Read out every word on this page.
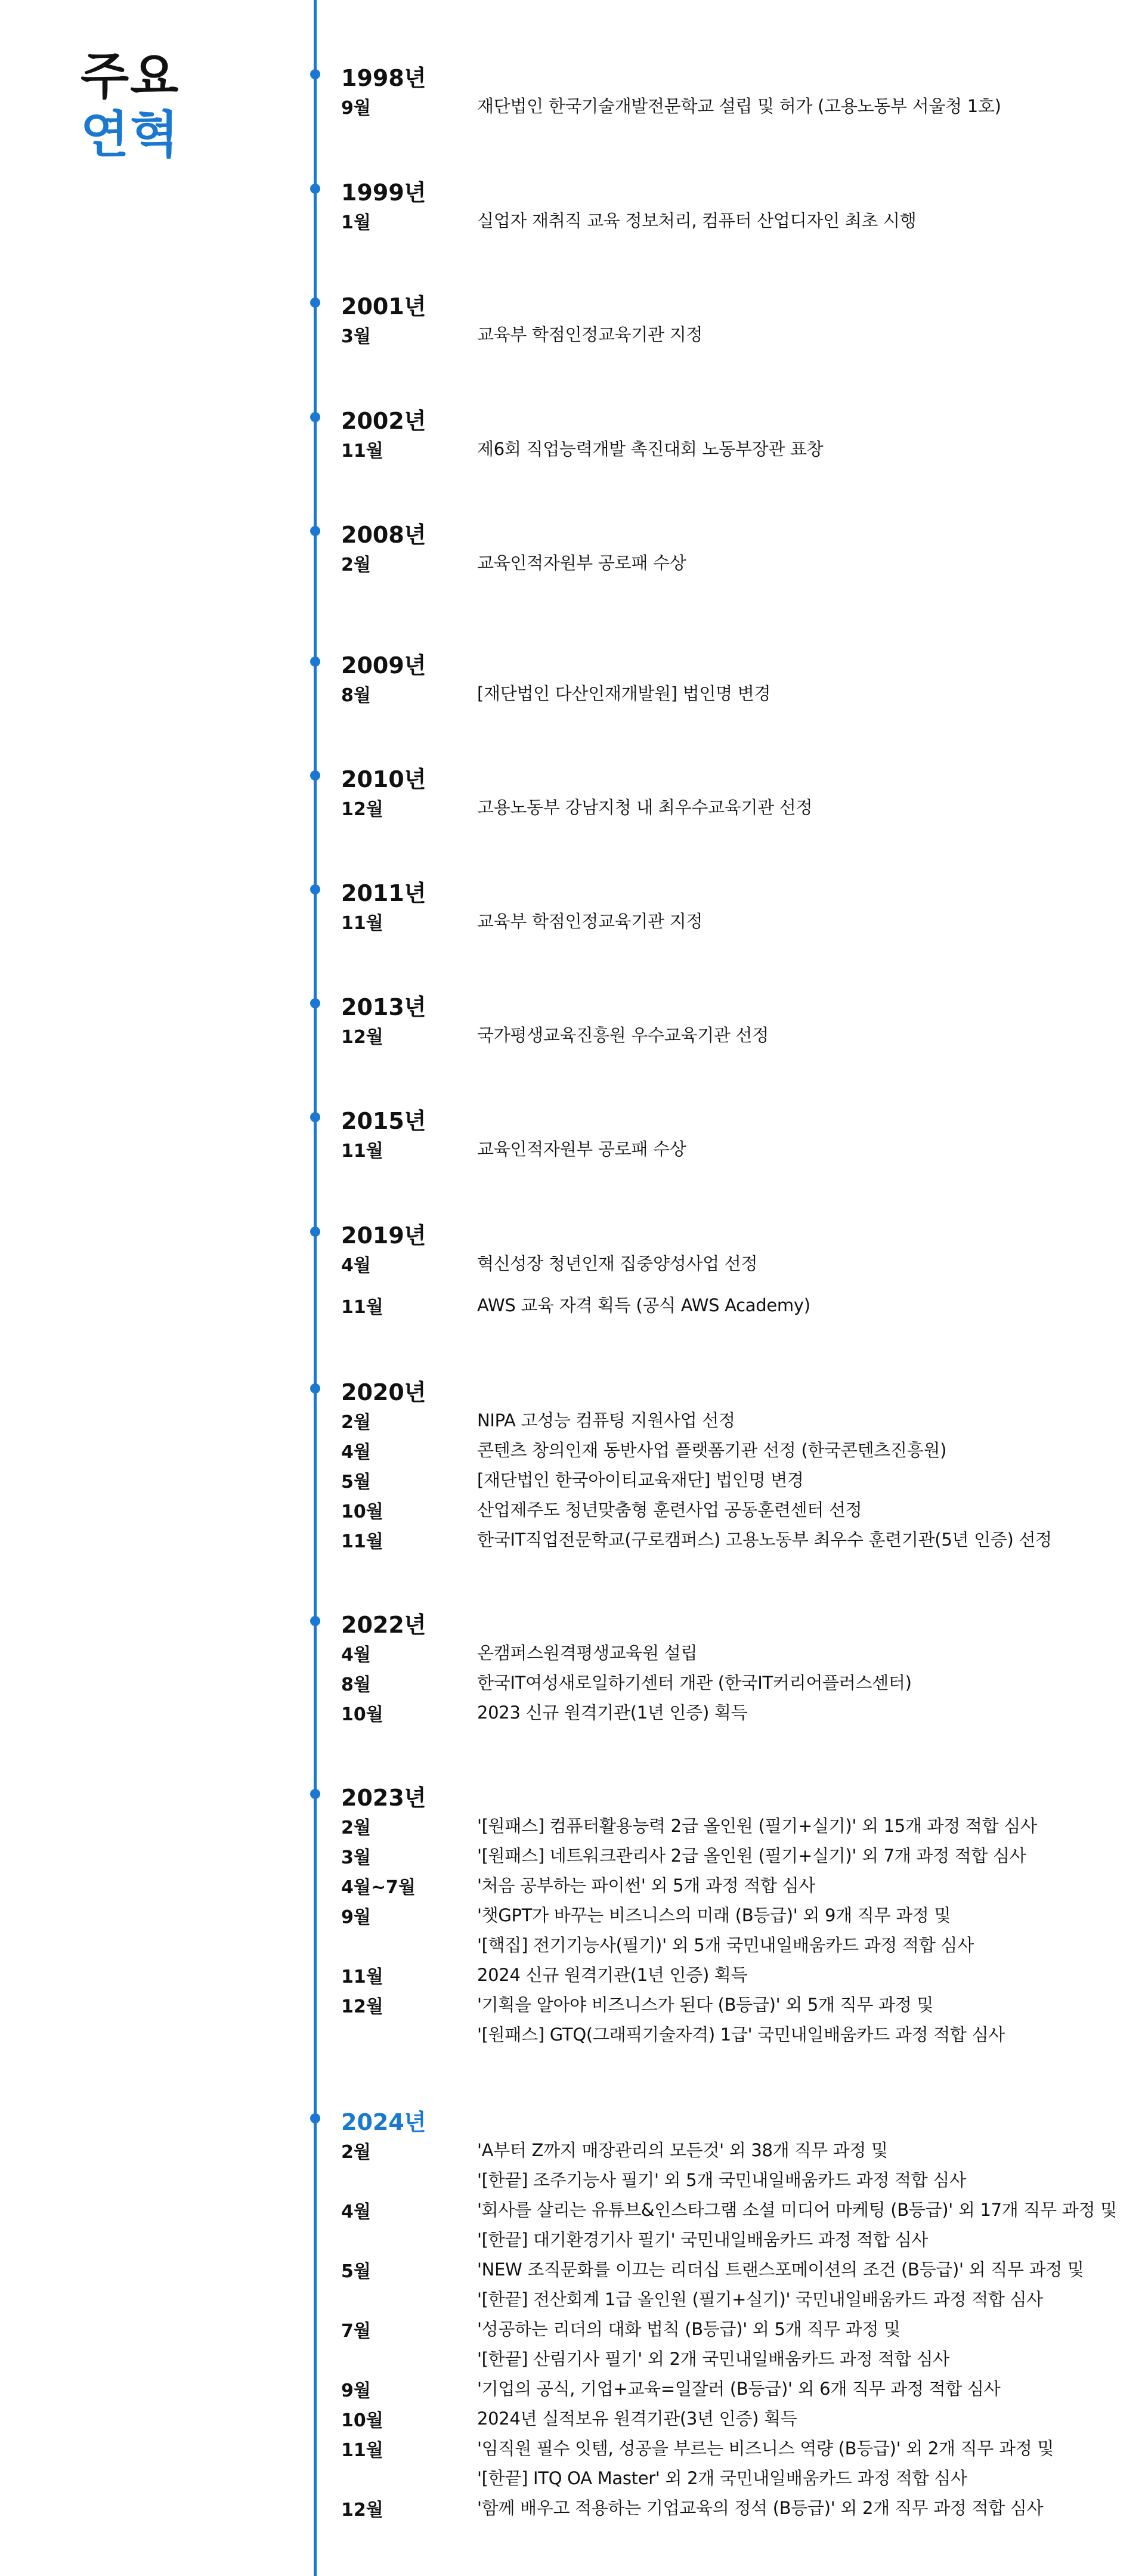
주요
연혁
1998년
9월	재단법인 한국기술개발전문학교 설립 및 허가 (고용노동부 서울청 1호)
1999년
1월	실업자 재취직 교육 정보처리, 컴퓨터 산업디자인 최초 시행
2001년
3월	교육부 학점인정교육기관 지정
2002년
11월	제6회 직업능력개발 촉진대회 노동부장관 표창
2008년
2월	교육인적자원부 공로패 수상
2009년
8월	[재단법인 다산인재개발원] 법인명 변경
2010년
12월	고용노동부 강남지청 내 최우수교육기관 선정
2011년
11월	교육부 학점인정교육기관 지정
2013년
12월	국가평생교육진흥원 우수교육기관 선정
2015년
11월	교육인적자원부 공로패 수상
2019년
4월	혁신성장 청년인재 집중양성사업 선정
11월	AWS 교육 자격 획득 (공식 AWS Academy)
2020년
2월	NIPA 고성능 컴퓨팅 지원사업 선정
4월	콘텐츠 창의인재 동반사업 플랫폼기관 선정 (한국콘텐츠진흥원)
5월	[재단법인 한국아이티교육재단] 법인명 변경
10월	산업제주도 청년맞춤형 훈련사업 공동훈련센터 선정
11월	한국IT직업전문학교(구로캠퍼스) 고용노동부 최우수 훈련기관(5년 인증) 선정
2022년
4월	온캠퍼스원격평생교육원 설립
8월	한국IT여성새로일하기센터 개관 (한국IT커리어플러스센터)
10월	2023 신규 원격기관(1년 인증) 획득
2023년
2월	'[원패스] 컴퓨터활용능력 2급 올인원 (필기+실기)' 외 15개 과정 적합 심사
3월	'[원패스] 네트워크관리사 2급 올인원 (필기+실기)' 외 7개 과정 적합 심사
4월~7월	'처음 공부하는 파이썬' 외 5개 과정 적합 심사
9월	'챗GPT가 바꾸는 비즈니스의 미래 (B등급)' 외 9개 직무 과정 및
'[핵집] 전기기능사(필기)' 외 5개 국민내일배움카드 과정 적합 심사
11월	2024 신규 원격기관(1년 인증) 획득
12월	'기획을 알아야 비즈니스가 된다 (B등급)' 외 5개 직무 과정 및
'[원패스] GTQ(그래픽기술자격) 1급' 국민내일배움카드 과정 적합 심사
2024년
2월	'A부터 Z까지 매장관리의 모든것' 외 38개 직무 과정 및
'[한끝] 조주기능사 필기' 외 5개 국민내일배움카드 과정 적합 심사
4월	'회사를 살리는 유튜브&인스타그램 소셜 미디어 마케팅 (B등급)' 외 17개 직무 과정 및
'[한끝] 대기환경기사 필기' 국민내일배움카드 과정 적합 심사
5월	'NEW 조직문화를 이끄는 리더십 트랜스포메이션의 조건 (B등급)' 외 직무 과정 및
'[한끝] 전산회계 1급 올인원 (필기+실기)' 국민내일배움카드 과정 적합 심사
7월	'성공하는 리더의 대화 법칙 (B등급)' 외 5개 직무 과정 및
'[한끝] 산림기사 필기' 외 2개 국민내일배움카드 과정 적합 심사
9월	'기업의 공식, 기업+교육=일잘러 (B등급)' 외 6개 직무 과정 적합 심사
10월	2024년 실적보유 원격기관(3년 인증) 획득
11월	'임직원 필수 잇템, 성공을 부르는 비즈니스 역량 (B등급)' 외 2개 직무 과정 및
'[한끝] ITQ OA Master' 외 2개 국민내일배움카드 과정 적합 심사
12월	'함께 배우고 적용하는 기업교육의 정석 (B등급)' 외 2개 직무 과정 적합 심사
